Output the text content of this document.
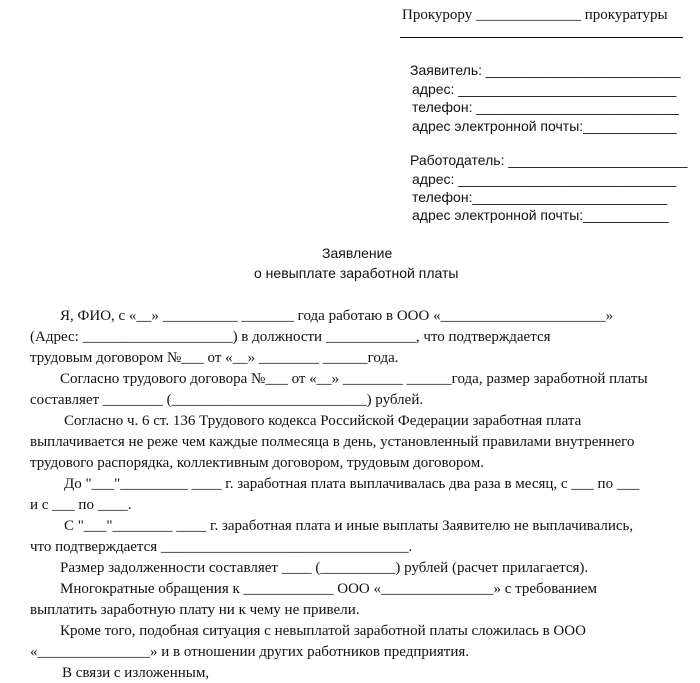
Прокурору ______________ прокуратуры
Заявитель: _________________________
адрес: ____________________________
телефон: __________________________
адрес электронной почты:____________
Работодатель: _______________________
адрес: ____________________________
телефон:_________________________
адрес электронной почты:___________
Заявление
о невыплате заработной платы
Я, ФИО, с «__» __________ _______ года работаю в ООО «______________________»
(Адрес: ____________________) в должности ____________, что подтверждается
трудовым договором №___ от «__» ________ ______года.
Согласно трудового договора №___ от «__» ________ ______года, размер заработной платы
составляет ________ (__________________________) рублей.
Согласно ч. 6 ст. 136 Трудового кодекса Российской Федерации заработная плата
выплачивается не реже чем каждые полмесяца в день, установленный правилами внутреннего
трудового распорядка, коллективным договором, трудовым договором.
До "___"_________ ____ г. заработная плата выплачивалась два раза в месяц, с ___ по ___
и с ___ по ____.
С "___"________ ____ г. заработная плата и иные выплаты Заявителю не выплачивались,
что подтверждается _________________________________.
Размер задолженности составляет ____ (__________) рублей (расчет прилагается).
Многократные обращения к ____________ ООО «_______________» с требованием
выплатить заработную плату ни к чему не привели.
Кроме того, подобная ситуация с невыплатой заработной платы сложилась в ООО
«_______________» и в отношении других работников предприятия.
В связи с изложенным,
